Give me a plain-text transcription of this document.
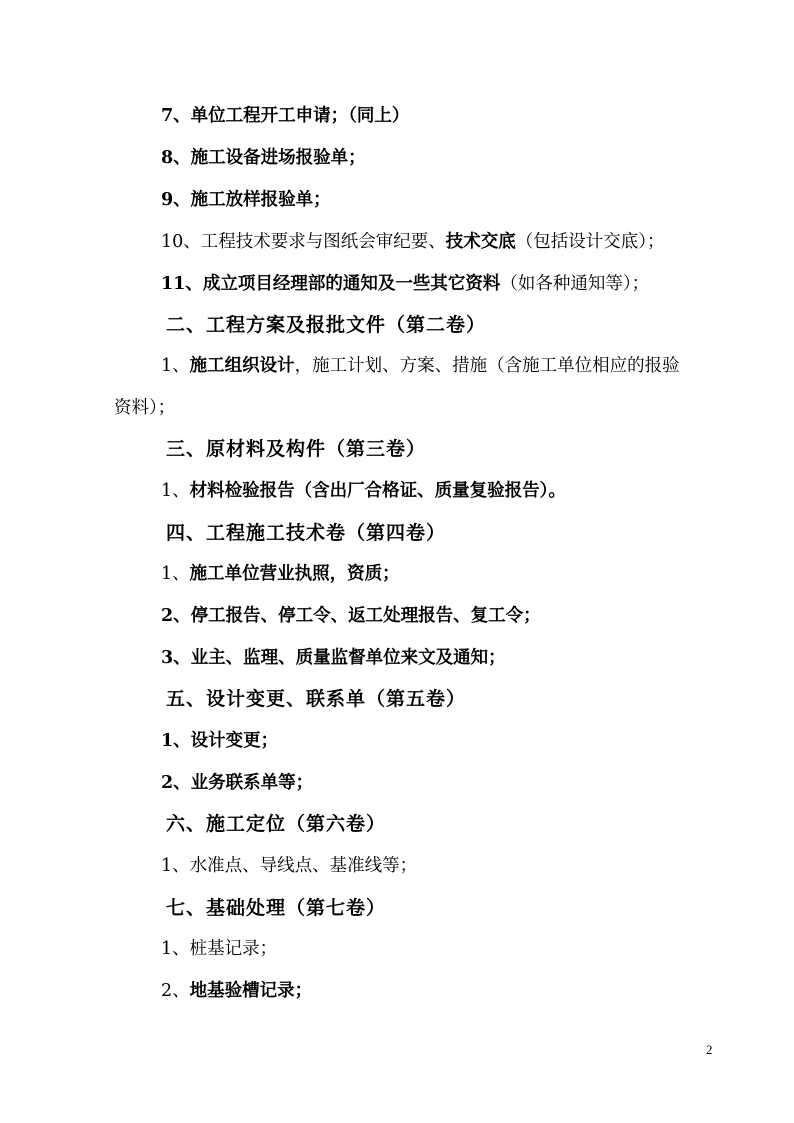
7、单位工程开工申请；（同上）
8、施工设备进场报验单；
9、施工放样报验单；
10、工程技术要求与图纸会审纪要、技术交底（包括设计交底）；
11、成立项目经理部的通知及一些其它资料（如各种通知等）；
二、工程方案及报批文件（第二卷）
1、施工组织设计，施工计划、方案、措施（含施工单位相应的报验
资料）；
三、原材料及构件（第三卷）
1、材料检验报告（含出厂合格证、质量复验报告）。
四、工程施工技术卷（第四卷）
1、施工单位营业执照，资质；
2、停工报告、停工令、返工处理报告、复工令；
3、业主、监理、质量监督单位来文及通知；
五、设计变更、联系单（第五卷）
1、设计变更；
2、业务联系单等；
六、施工定位（第六卷）
1、水准点、导线点、基准线等；
七、基础处理（第七卷）
1、桩基记录；
2、地基验槽记录；
2
